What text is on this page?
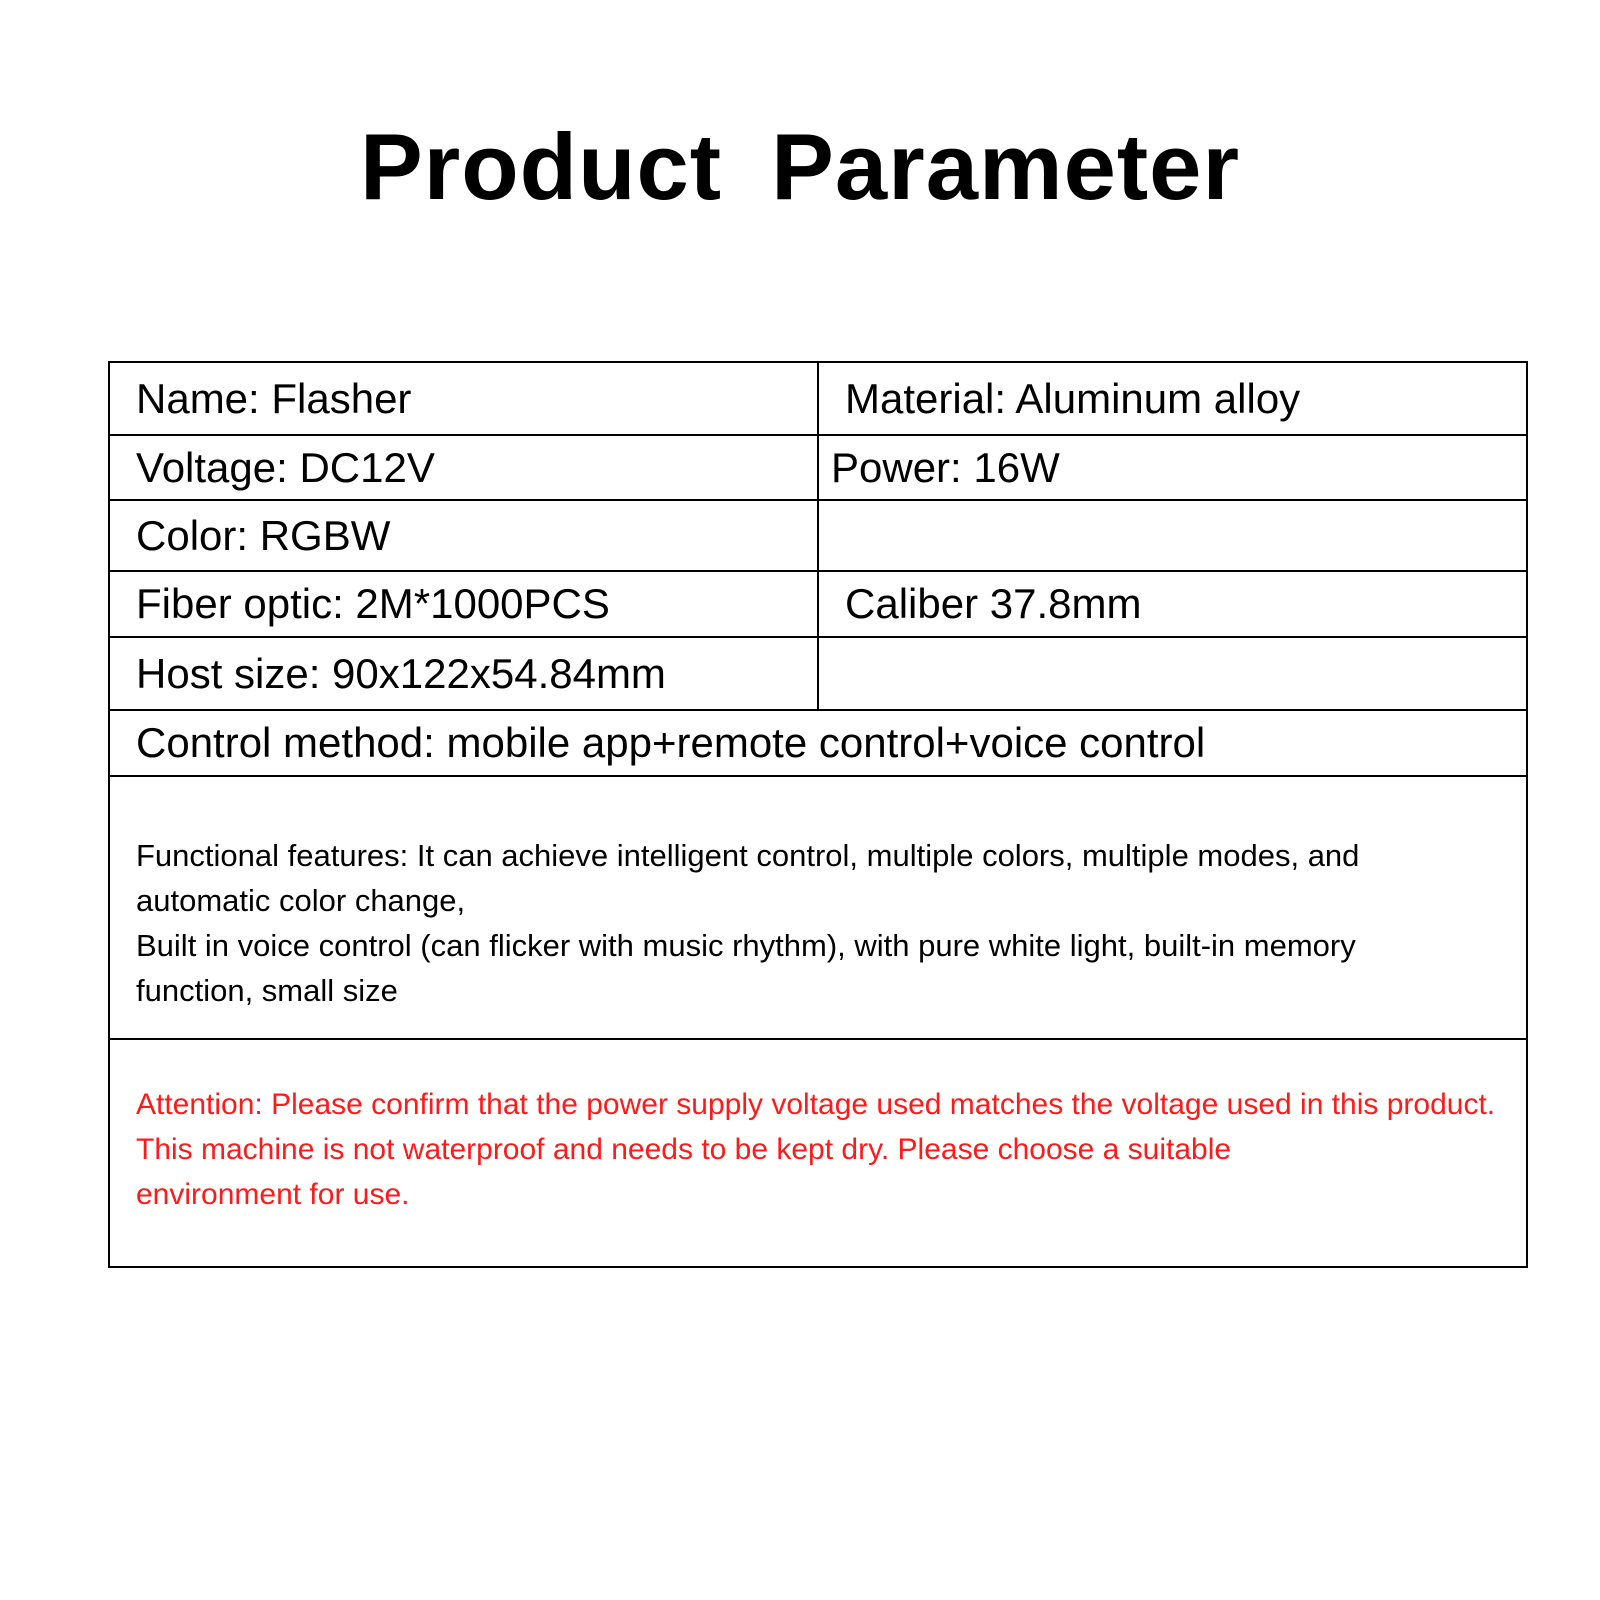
Product Parameter
Name: Flasher	Material: Aluminum alloy

Voltage: DC12V	Power: 16W

Color: RGBW	

Fiber optic: 2M*1000PCS	Caliber 37.8mm

Host size: 90x122x54.84mm	

Control method: mobile app+remote control+voice control	

Functional features: It can achieve intelligent control, multiple colors, multiple modes, and
automatic color change,
Built in voice control (can flicker with music rhythm), with pure white light, built-in memory
function, small size	

Attention: Please confirm that the power supply voltage used matches the voltage used in this product.
This machine is not waterproof and needs to be kept dry. Please choose a suitable
environment for use.	
